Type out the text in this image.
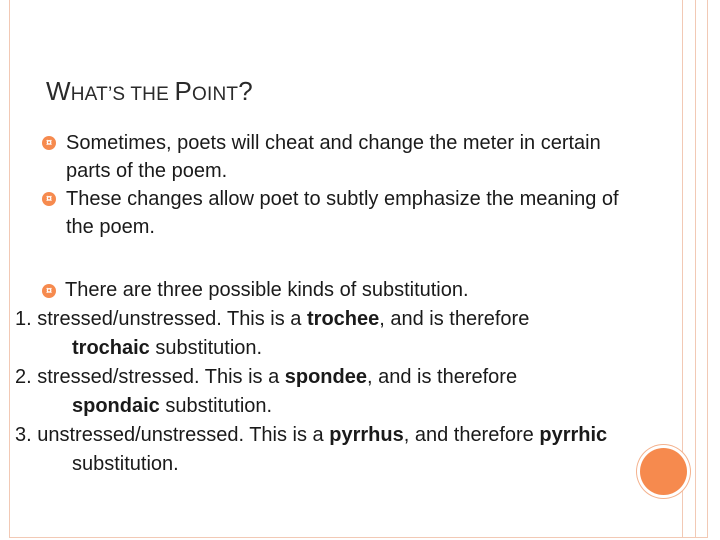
WHAT’S THE POINT?
¤ Sometimes, poets will cheat and change the meter in certain parts of the poem.
¤ These changes allow poet to subtly emphasize the meaning of the poem.
¤ There are three possible kinds of substitution.
1. stressed/unstressed. This is a trochee, and is therefore trochaic substitution.
2. stressed/stressed. This is a spondee, and is therefore spondaic substitution.
3. unstressed/unstressed. This is a pyrrhus, and therefore pyrrhic substitution.
